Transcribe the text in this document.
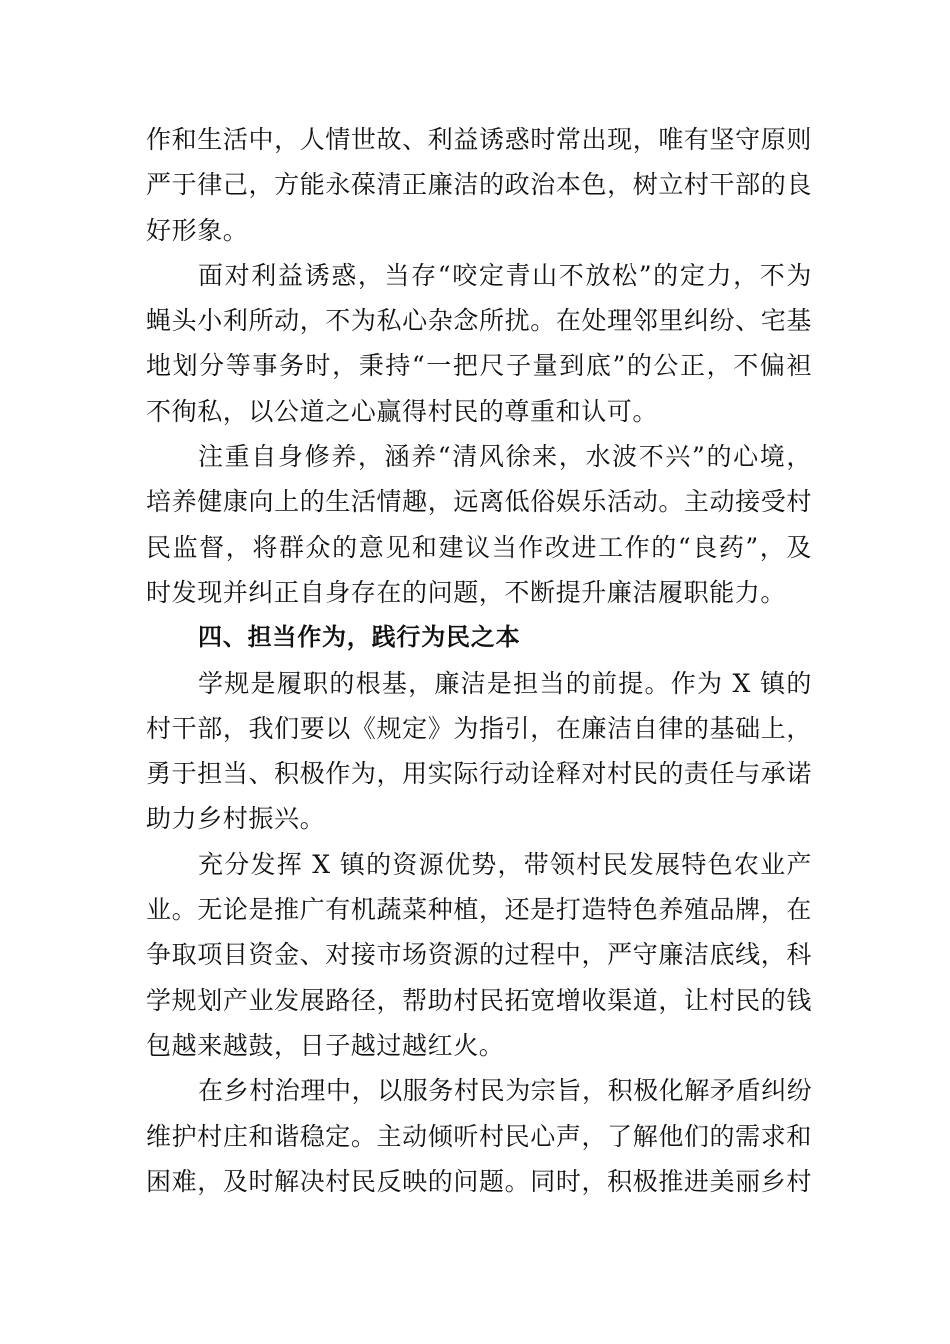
作和生活中，人情世故、利益诱惑时常出现，唯有坚守原则
严于律己，方能永葆清正廉洁的政治本色，树立村干部的良
好形象。
面对利益诱惑，当存“咬定青山不放松”的定力，不为
蝇头小利所动，不为私心杂念所扰。在处理邻里纠纷、宅基
地划分等事务时，秉持“一把尺子量到底”的公正，不偏袒
不徇私，以公道之心赢得村民的尊重和认可。
注重自身修养，涵养“清风徐来，水波不兴”的心境，
培养健康向上的生活情趣，远离低俗娱乐活动。主动接受村
民监督，将群众的意见和建议当作改进工作的“良药”，及
时发现并纠正自身存在的问题，不断提升廉洁履职能力。
四、担当作为，践行为民之本
学规是履职的根基，廉洁是担当的前提。作为 X 镇的
村干部，我们要以《规定》为指引，在廉洁自律的基础上，
勇于担当、积极作为，用实际行动诠释对村民的责任与承诺
助力乡村振兴。
充分发挥 X 镇的资源优势，带领村民发展特色农业产
业。无论是推广有机蔬菜种植，还是打造特色养殖品牌，在
争取项目资金、对接市场资源的过程中，严守廉洁底线，科
学规划产业发展路径，帮助村民拓宽增收渠道，让村民的钱
包越来越鼓，日子越过越红火。
在乡村治理中，以服务村民为宗旨，积极化解矛盾纠纷
维护村庄和谐稳定。主动倾听村民心声，了解他们的需求和
困难，及时解决村民反映的问题。同时，积极推进美丽乡村
